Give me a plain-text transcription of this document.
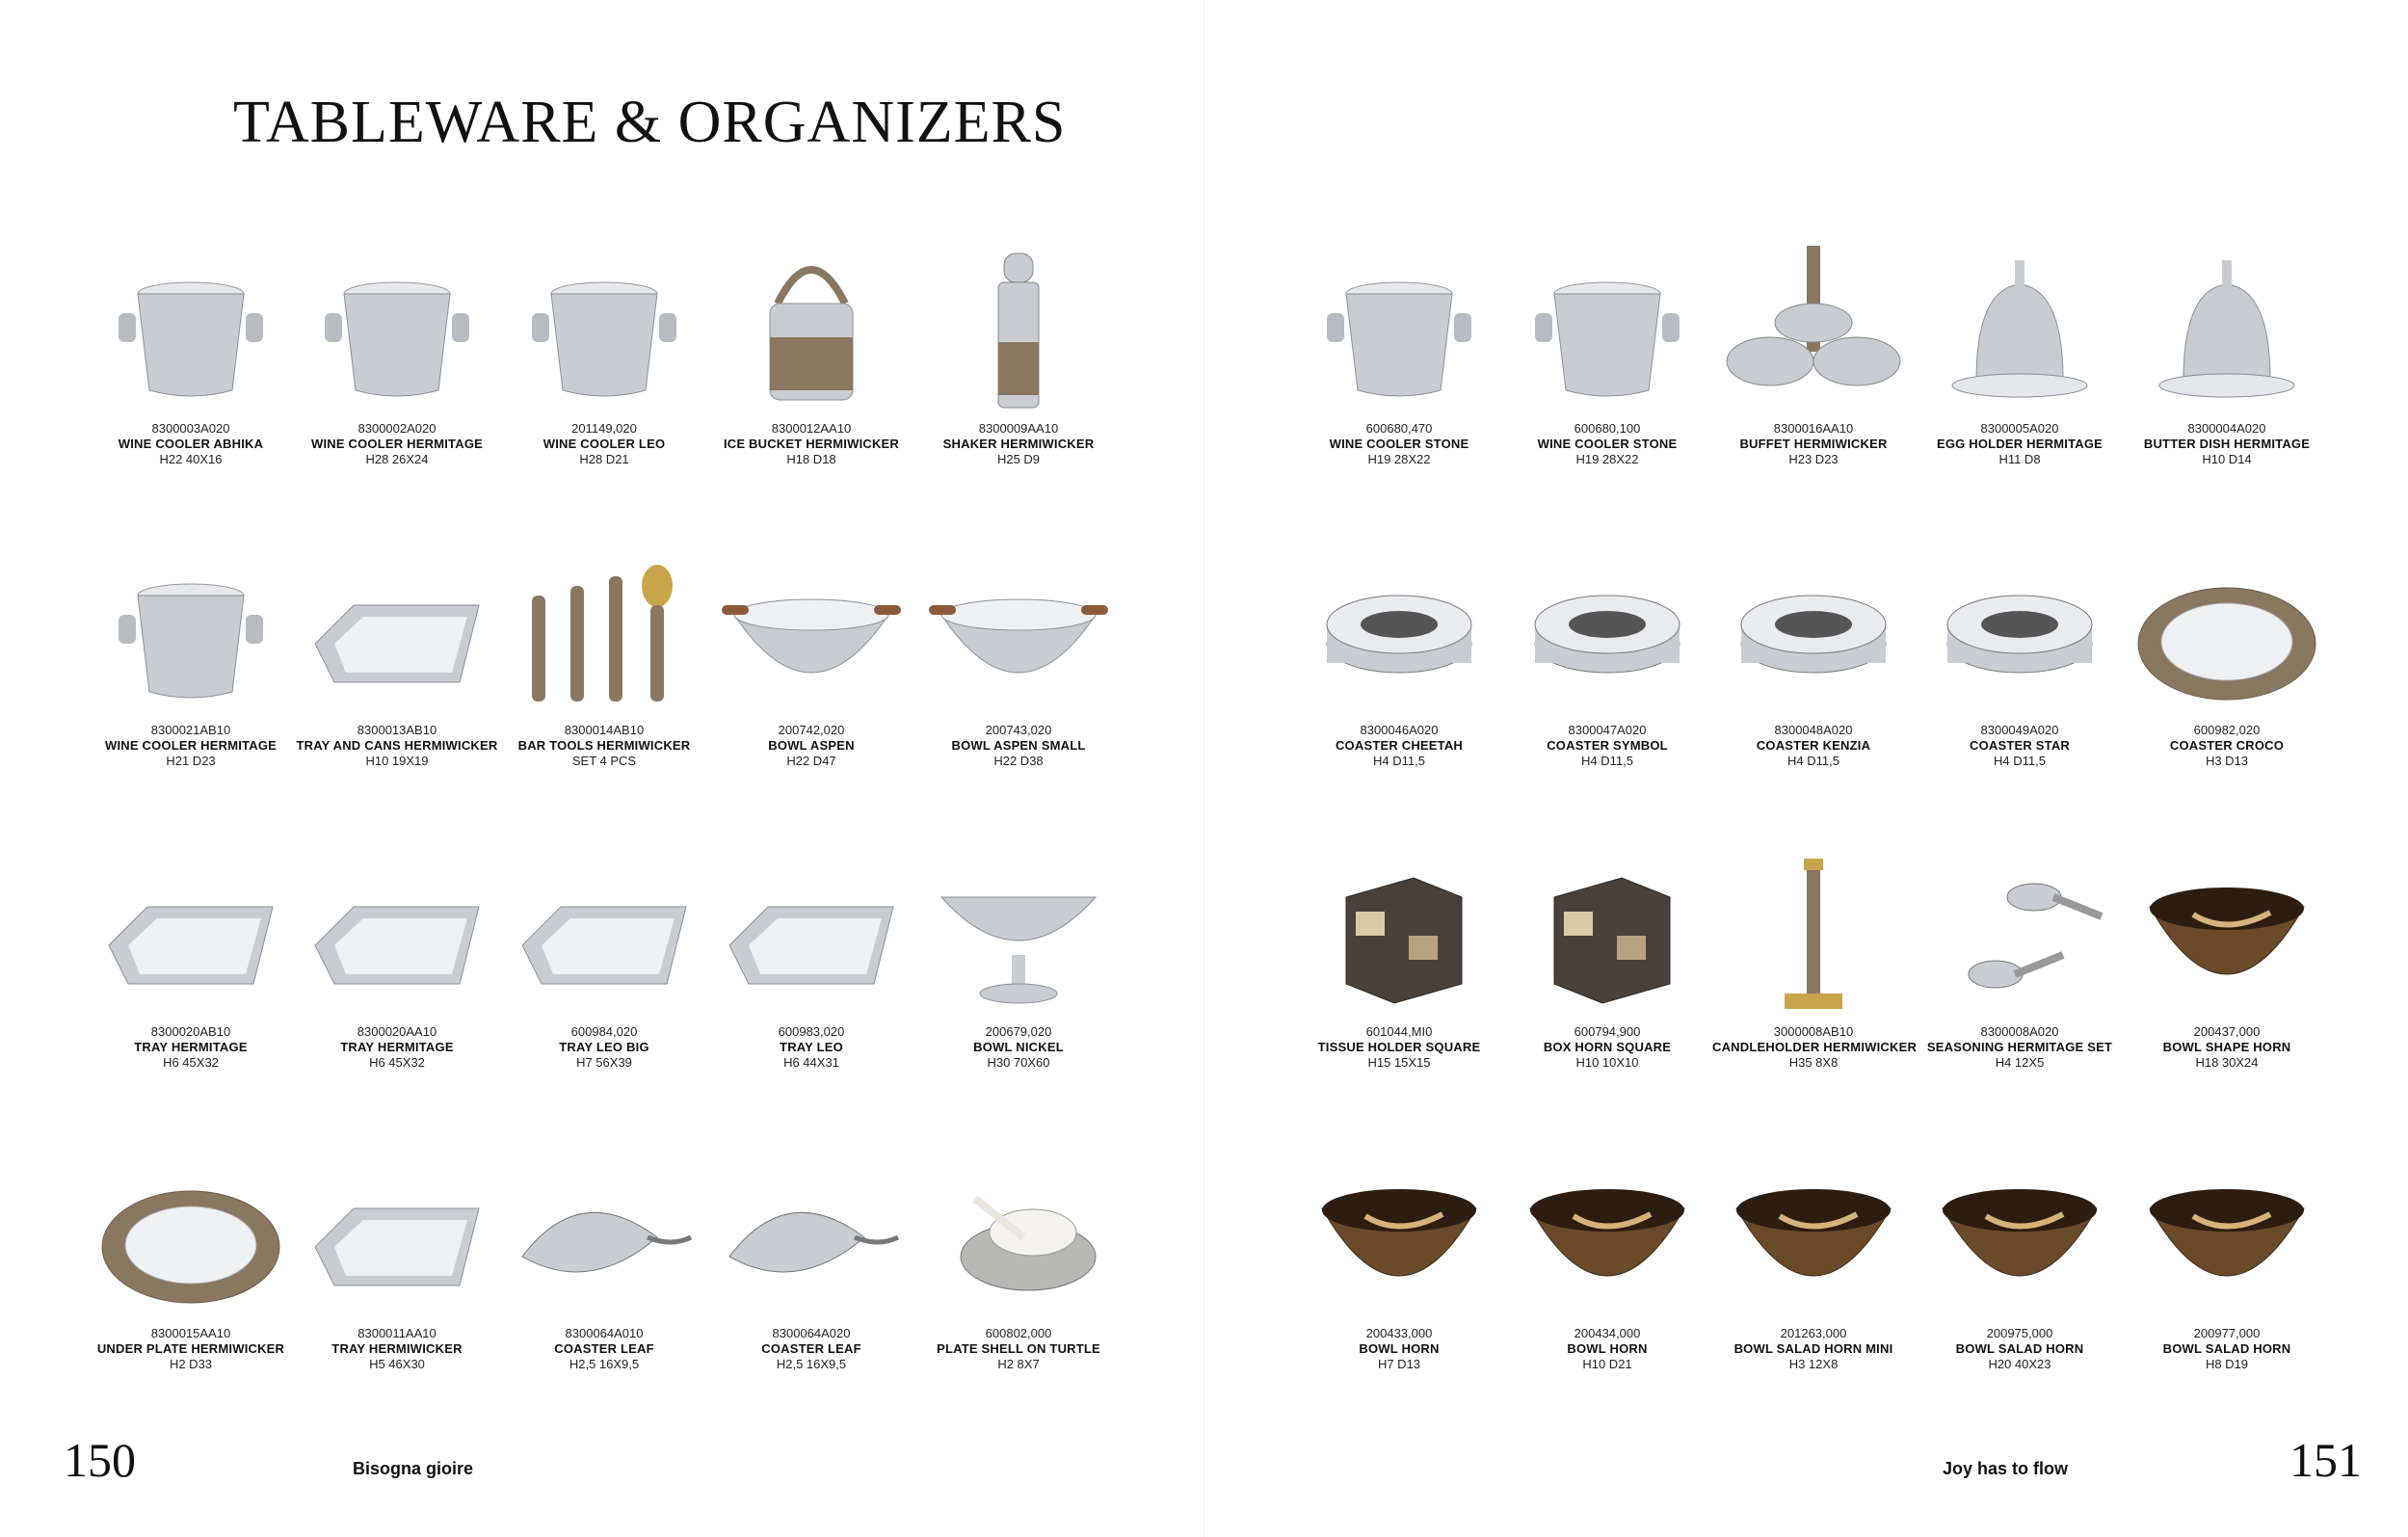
TABLEWARE & ORGANIZERS
8300003A020
WINE COOLER ABHIKA
H22 40X16
8300002A020
WINE COOLER HERMITAGE
H28 26X24
201149,020
WINE COOLER LEO
H28 D21
8300012AA10
ICE BUCKET HERMIWICKER
H18 D18
8300009AA10
SHAKER HERMIWICKER
H25 D9
8300021AB10
WINE COOLER HERMITAGE
H21 D23
8300013AB10
TRAY AND CANS HERMIWICKER
H10 19X19
8300014AB10
BAR TOOLS HERMIWICKER
SET 4 PCS
200742,020
BOWL ASPEN
H22 D47
200743,020
BOWL ASPEN SMALL
H22 D38
8300020AB10
TRAY HERMITAGE
H6 45X32
8300020AA10
TRAY HERMITAGE
H6 45X32
600984,020
TRAY LEO BIG
H7 56X39
600983,020
TRAY LEO
H6 44X31
200679,020
BOWL NICKEL
H30 70X60
8300015AA10
UNDER PLATE HERMIWICKER
H2 D33
8300011AA10
TRAY HERMIWICKER
H5 46X30
8300064A010
COASTER LEAF
H2,5 16X9,5
8300064A020
COASTER LEAF
H2,5 16X9,5
600802,000
PLATE SHELL ON TURTLE
H2 8X7
600680,470
WINE COOLER STONE
H19 28X22
600680,100
WINE COOLER STONE
H19 28X22
8300016AA10
BUFFET HERMIWICKER
H23 D23
8300005A020
EGG HOLDER HERMITAGE
H11 D8
8300004A020
BUTTER DISH HERMITAGE
H10 D14
8300046A020
COASTER CHEETAH
H4 D11,5
8300047A020
COASTER SYMBOL
H4 D11,5
8300048A020
COASTER KENZIA
H4 D11,5
8300049A020
COASTER STAR
H4 D11,5
600982,020
COASTER CROCO
H3 D13
601044,MI0
TISSUE HOLDER SQUARE
H15 15X15
600794,900
BOX HORN SQUARE
H10 10X10
3000008AB10
CANDLEHOLDER HERMIWICKER
H35 8X8
8300008A020
SEASONING HERMITAGE SET
H4 12X5
200437,000
BOWL SHAPE HORN
H18 30X24
200433,000
BOWL HORN
H7 D13
200434,000
BOWL HORN
H10 D21
201263,000
BOWL SALAD HORN MINI
H3 12X8
200975,000
BOWL SALAD HORN
H20 40X23
200977,000
BOWL SALAD HORN
H8 D19
150	Bisogna gioire	Joy has to flow	151
